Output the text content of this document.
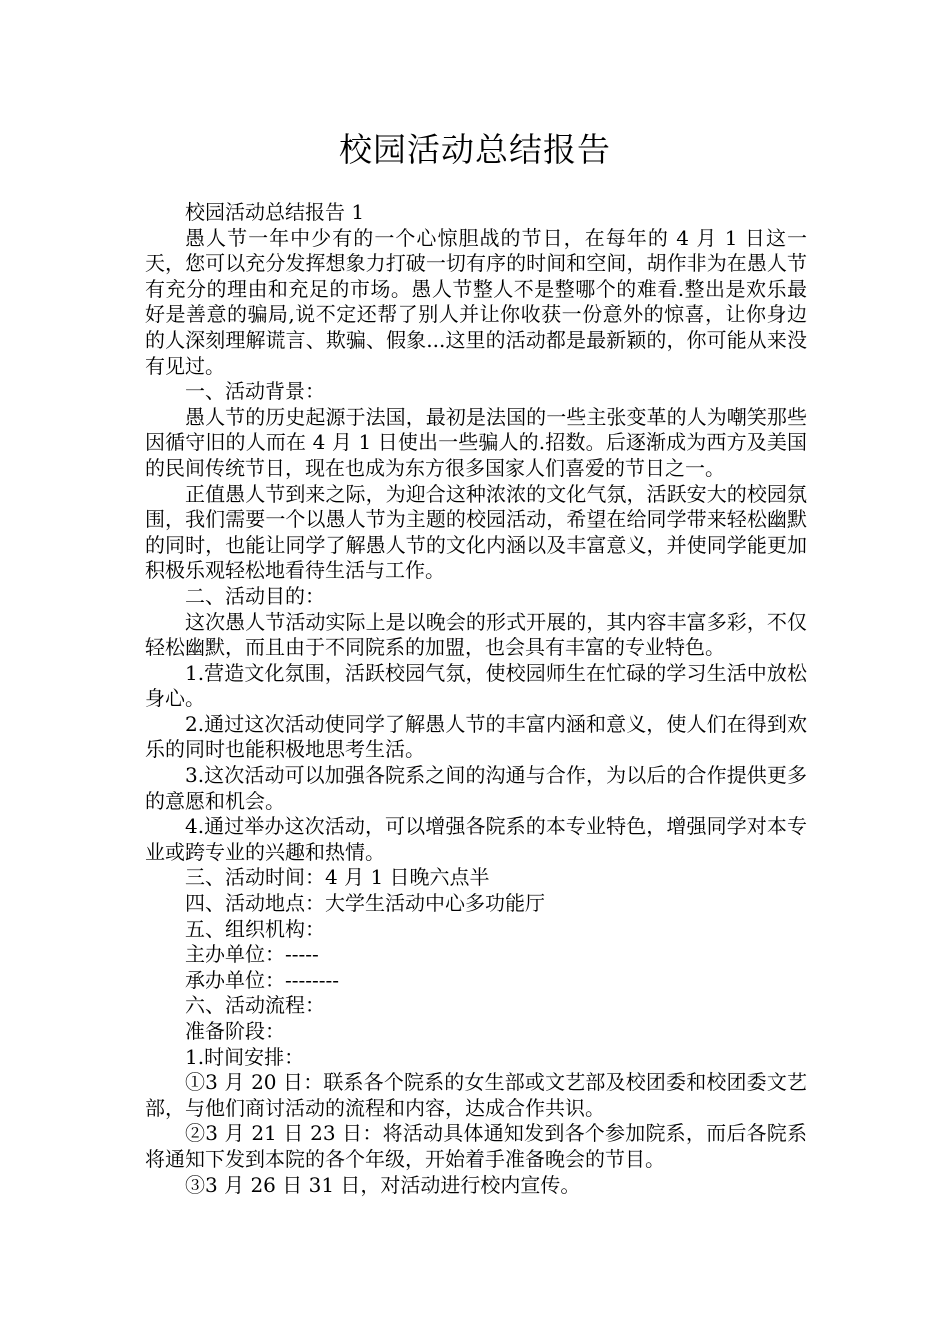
校园活动总结报告

校园活动总结报告 1

愚人节一年中少有的一个心惊胆战的节日，在每年的 4 月 1 日这一天，您可以充分发挥想象力打破一切有序的时间和空间，胡作非为在愚人节有充分的理由和充足的市场。愚人节整人不是整哪个的难看.整出是欢乐最好是善意的骗局,说不定还帮了别人并让你收获一份意外的惊喜，让你身边的人深刻理解谎言、欺骗、假象...这里的活动都是最新颖的，你可能从来没有见过。

一、活动背景：

愚人节的历史起源于法国，最初是法国的一些主张变革的人为嘲笑那些因循守旧的人而在 4 月 1 日使出一些骗人的.招数。后逐渐成为西方及美国的民间传统节日，现在也成为东方很多国家人们喜爱的节日之一。

正值愚人节到来之际，为迎合这种浓浓的文化气氛，活跃安大的校园氛围，我们需要一个以愚人节为主题的校园活动，希望在给同学带来轻松幽默的同时，也能让同学了解愚人节的文化内涵以及丰富意义，并使同学能更加积极乐观轻松地看待生活与工作。

二、活动目的：

这次愚人节活动实际上是以晚会的形式开展的，其内容丰富多彩，不仅轻松幽默，而且由于不同院系的加盟，也会具有丰富的专业特色。

1.营造文化氛围，活跃校园气氛，使校园师生在忙碌的学习生活中放松身心。

2.通过这次活动使同学了解愚人节的丰富内涵和意义，使人们在得到欢乐的同时也能积极地思考生活。

3.这次活动可以加强各院系之间的沟通与合作，为以后的合作提供更多的意愿和机会。

4.通过举办这次活动，可以增强各院系的本专业特色，增强同学对本专业或跨专业的兴趣和热情。

三、活动时间：4 月 1 日晚六点半

四、活动地点：大学生活动中心多功能厅

五、组织机构：

主办单位：-----

承办单位：--------

六、活动流程：

准备阶段：

1.时间安排：

①3 月 20 日：联系各个院系的女生部或文艺部及校团委和校团委文艺部，与他们商讨活动的流程和内容，达成合作共识。

②3 月 21 日 23 日：将活动具体通知发到各个参加院系，而后各院系将通知下发到本院的各个年级，开始着手准备晚会的节目。

③3 月 26 日 31 日，对活动进行校内宣传。
